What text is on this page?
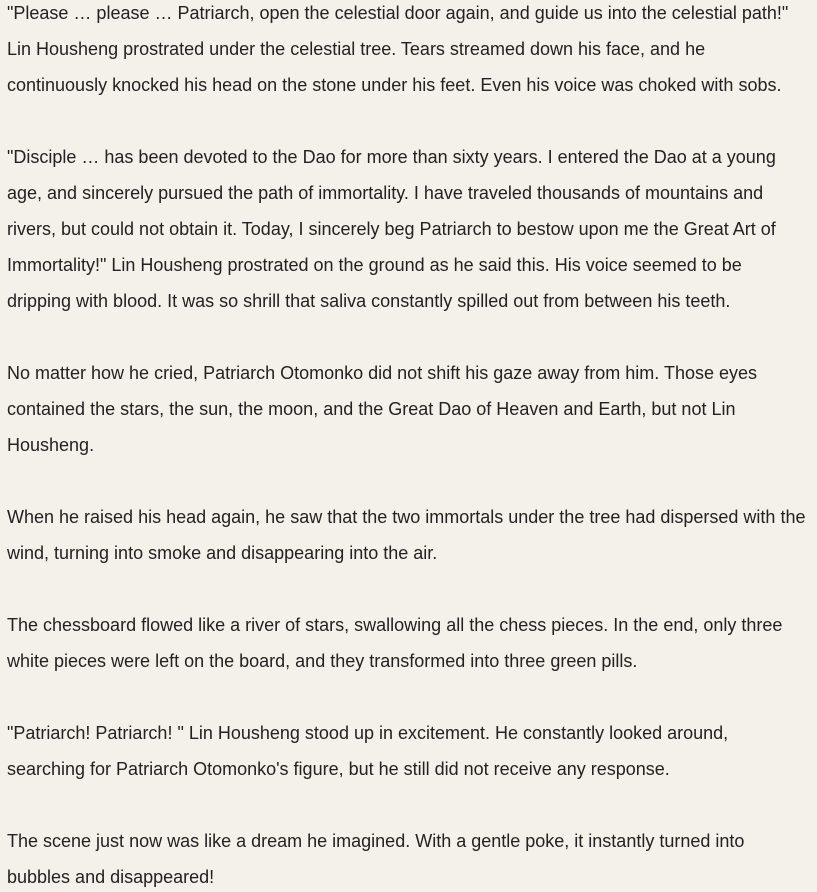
"Please … please … Patriarch, open the celestial door again, and guide us into the celestial path!" Lin Housheng prostrated under the celestial tree. Tears streamed down his face, and he continuously knocked his head on the stone under his feet. Even his voice was choked with sobs.

"Disciple … has been devoted to the Dao for more than sixty years. I entered the Dao at a young age, and sincerely pursued the path of immortality. I have traveled thousands of mountains and rivers, but could not obtain it. Today, I sincerely beg Patriarch to bestow upon me the Great Art of Immortality!" Lin Housheng prostrated on the ground as he said this. His voice seemed to be dripping with blood. It was so shrill that saliva constantly spilled out from between his teeth.

No matter how he cried, Patriarch Otomonko did not shift his gaze away from him. Those eyes contained the stars, the sun, the moon, and the Great Dao of Heaven and Earth, but not Lin Housheng.

When he raised his head again, he saw that the two immortals under the tree had dispersed with the wind, turning into smoke and disappearing into the air.

The chessboard flowed like a river of stars, swallowing all the chess pieces. In the end, only three white pieces were left on the board, and they transformed into three green pills.

"Patriarch! Patriarch! " Lin Housheng stood up in excitement. He constantly looked around, searching for Patriarch Otomonko's figure, but he still did not receive any response.

The scene just now was like a dream he imagined. With a gentle poke, it instantly turned into bubbles and disappeared!
